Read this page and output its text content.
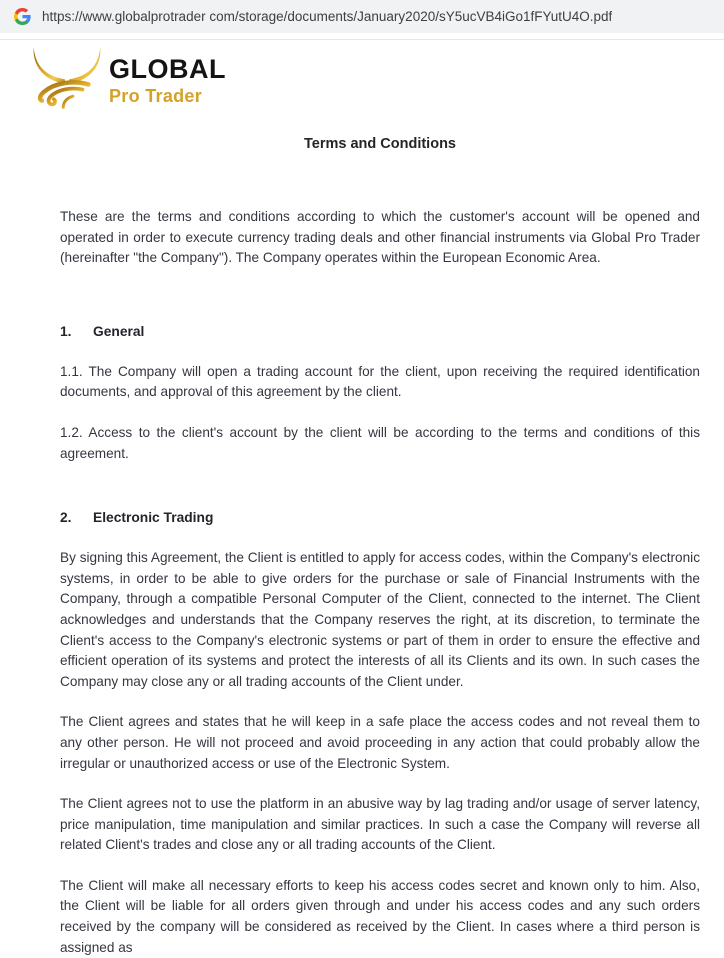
https://www.globalprotrader com/storage/documents/January2020/sY5ucVB4iGo1fFYutU4O.pdf
GLOBAL
Pro Trader
Terms and Conditions

These are the terms and conditions according to which the customer's account will be opened and operated in order to execute currency trading deals and other financial instruments via Global Pro Trader (hereinafter "the Company"). The Company operates within the European Economic Area.

1. General

1.1. The Company will open a trading account for the client, upon receiving the required identification documents, and approval of this agreement by the client.

1.2. Access to the client's account by the client will be according to the terms and conditions of this agreement.

2. Electronic Trading

By signing this Agreement, the Client is entitled to apply for access codes, within the Company's electronic systems, in order to be able to give orders for the purchase or sale of Financial Instruments with the Company, through a compatible Personal Computer of the Client, connected to the internet. The Client acknowledges and understands that the Company reserves the right, at its discretion, to terminate the Client's access to the Company's electronic systems or part of them in order to ensure the effective and efficient operation of its systems and protect the interests of all its Clients and its own. In such cases the Company may close any or all trading accounts of the Client under.

The Client agrees and states that he will keep in a safe place the access codes and not reveal them to any other person. He will not proceed and avoid proceeding in any action that could probably allow the irregular or unauthorized access or use of the Electronic System.

The Client agrees not to use the platform in an abusive way by lag trading and/or usage of server latency, price manipulation, time manipulation and similar practices. In such a case the Company will reverse all related Client's trades and close any or all trading accounts of the Client.

The Client will make all necessary efforts to keep his access codes secret and known only to him. Also, the Client will be liable for all orders given through and under his access codes and any such orders received by the company will be considered as received by the Client. In cases where a third person is assigned as
